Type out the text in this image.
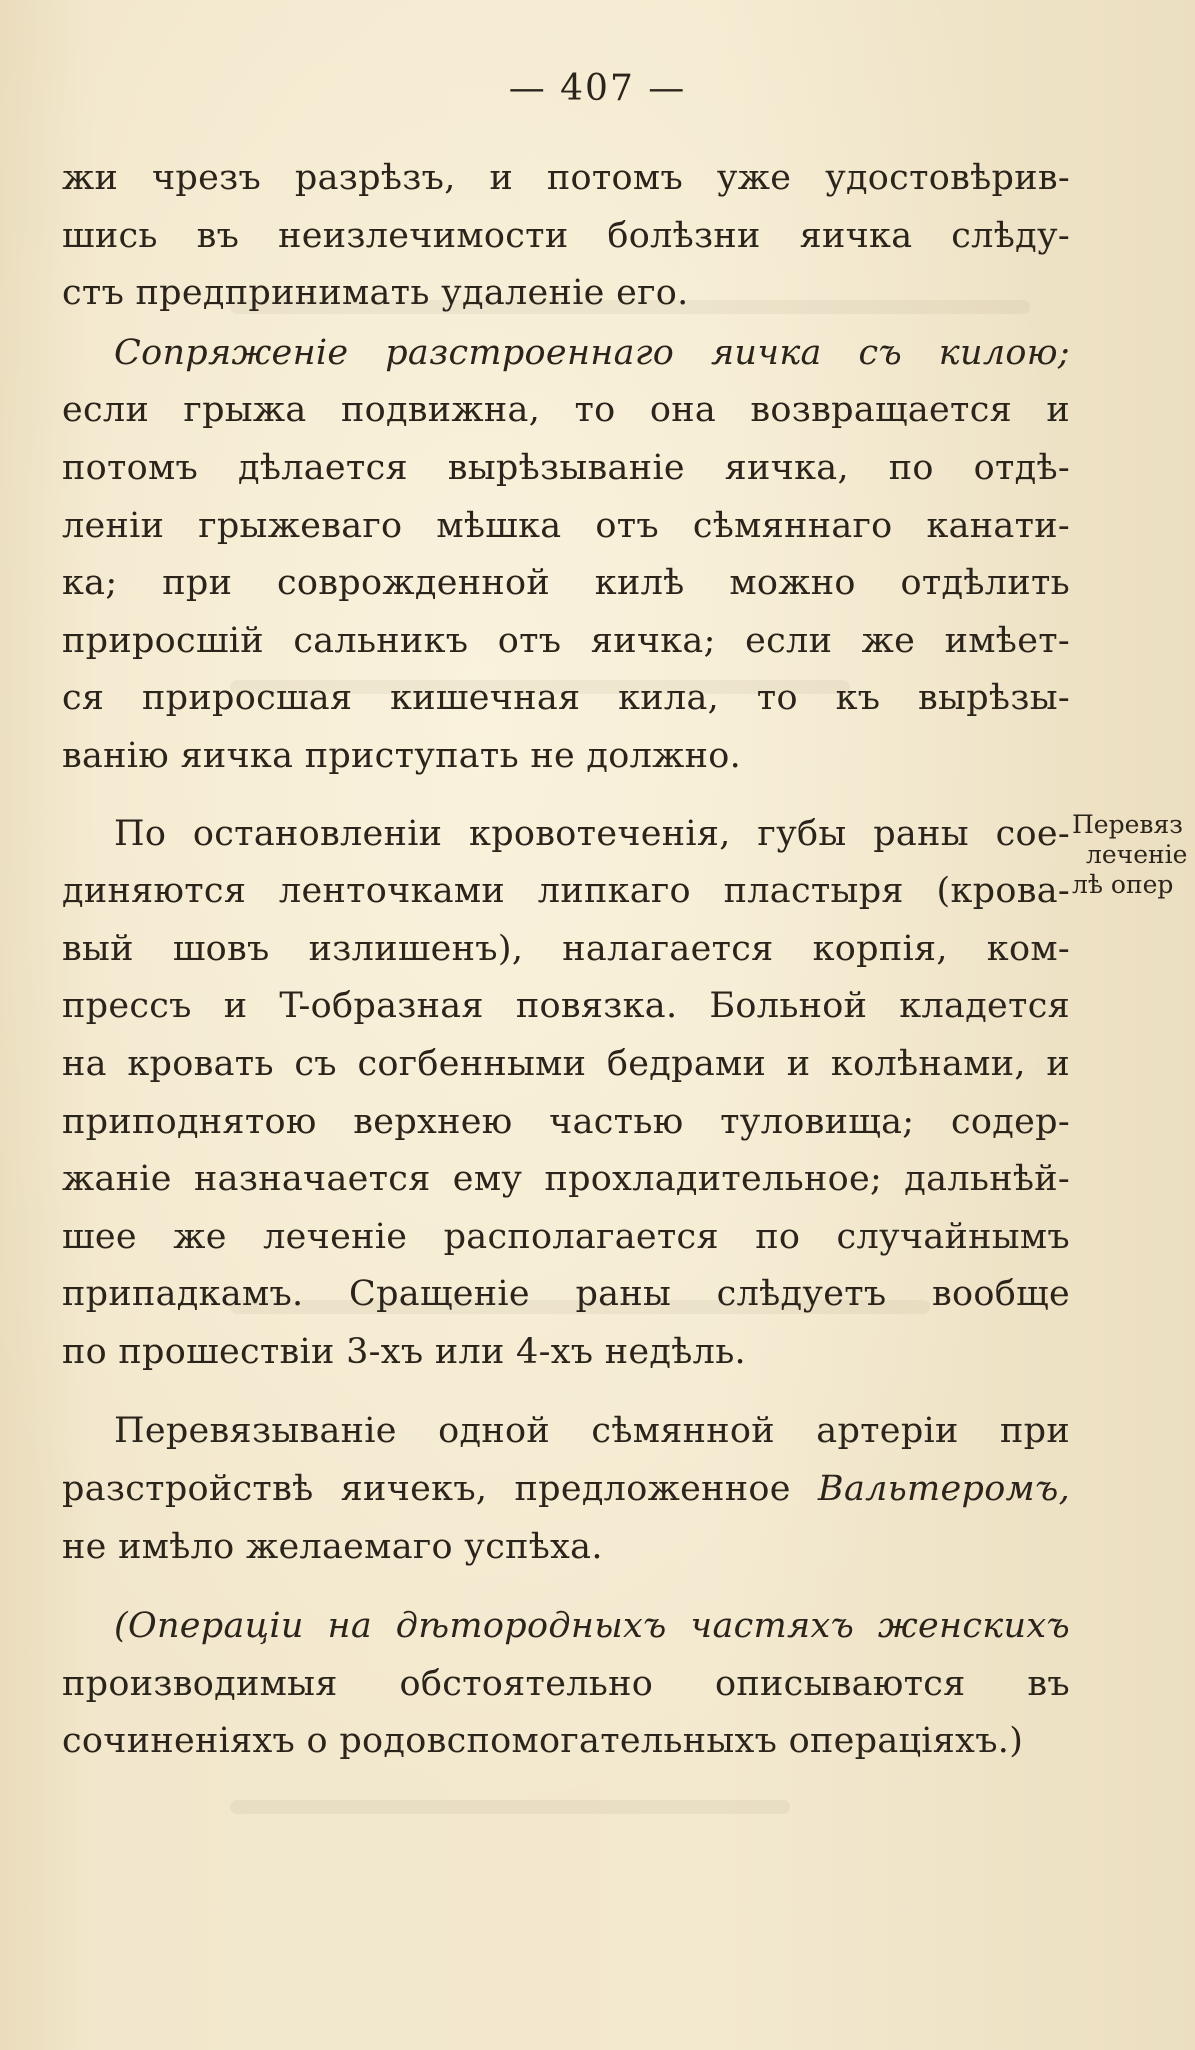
— 407 —

жи чрезъ разрѣзъ, и потомъ уже удостовѣрив-

шись въ неизлечимости болѣзни яичка слѣду-

стъ предпринимать удаленіе его.

Сопряженіе разстроеннаго яичка съ килою;

если грыжа подвижна, то она возвращается и

потомъ дѣлается вырѣзываніе яичка, по отдѣ-

леніи грыжеваго мѣшка отъ сѣмяннаго канати-

ка; при соврожденной килѣ можно отдѣлить

приросшій сальникъ отъ яичка; если же имѣет-

ся приросшая кишечная кила, то къ вырѣзы-

ванію яичка приступать не должно.

По остановленіи кровотеченія, губы раны сое-

диняются ленточками липкаго пластыря (крова-

вый шовъ излишенъ), налагается корпія, ком-

прессъ и T-образная повязка. Больной кладется

на кровать съ согбенными бедрами и колѣнами, и

приподнятою верхнею частью туловища; содер-

жаніе назначается ему прохладительное; дальнѣй-

шее же леченіе располагается по случайнымъ

припадкамъ. Сращеніе раны слѣдуетъ вообще

по прошествіи 3-хъ или 4-хъ недѣль.

Перевязываніе одной сѣмянной артеріи при

разстройствѣ яичекъ, предложенное Вальтеромъ,

не имѣло желаемаго успѣха.

(Операціи на дѣтородныхъ частяхъ женскихъ

производимыя обстоятельно описываются въ

сочиненіяхъ о родовспомогательныхъ операціяхъ.)

Перевяз
леченіе
лѣ опер
